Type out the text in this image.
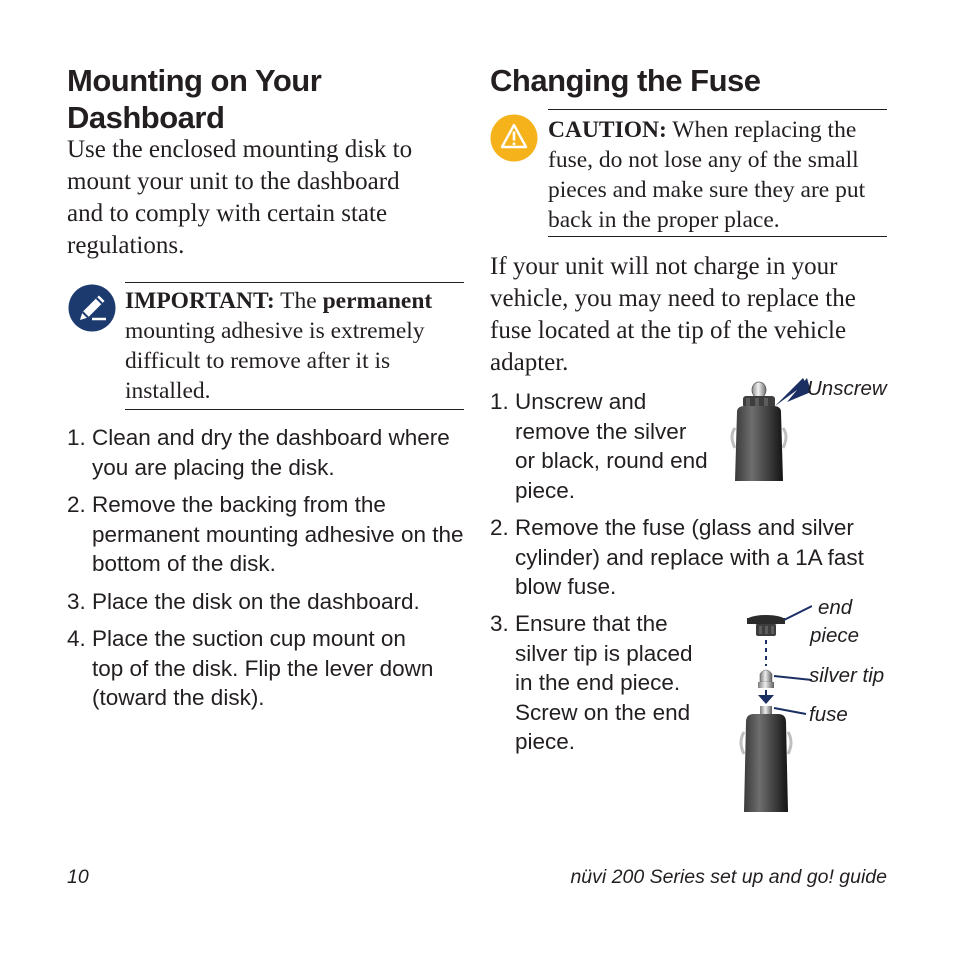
Mounting on Your
Dashboard
Use the enclosed mounting disk to
mount your unit to the dashboard
and to comply with certain state
regulations.
IMPORTANT: The permanent
mounting adhesive is extremely
difficult to remove after it is
installed.
1. Clean and dry the dashboard where
you are placing the disk.
2. Remove the backing from the
permanent mounting adhesive on the
bottom of the disk.
3. Place the disk on the dashboard.
4. Place the suction cup mount on
top of the disk. Flip the lever down
(toward the disk).
Changing the Fuse
CAUTION: When replacing the
fuse, do not lose any of the small
pieces and make sure they are put
back in the proper place.
If your unit will not charge in your
vehicle, you may need to replace the
fuse located at the tip of the vehicle
adapter.
1. Unscrew and
remove the silver
or black, round end
piece.
2. Remove the fuse (glass and silver
cylinder) and replace with a 1A fast
blow fuse.
3. Ensure that the
silver tip is placed
in the end piece.
Screw on the end
piece.
Unscrew
end
piece
silver tip
fuse
10	nüvi 200 Series set up and go! guide
